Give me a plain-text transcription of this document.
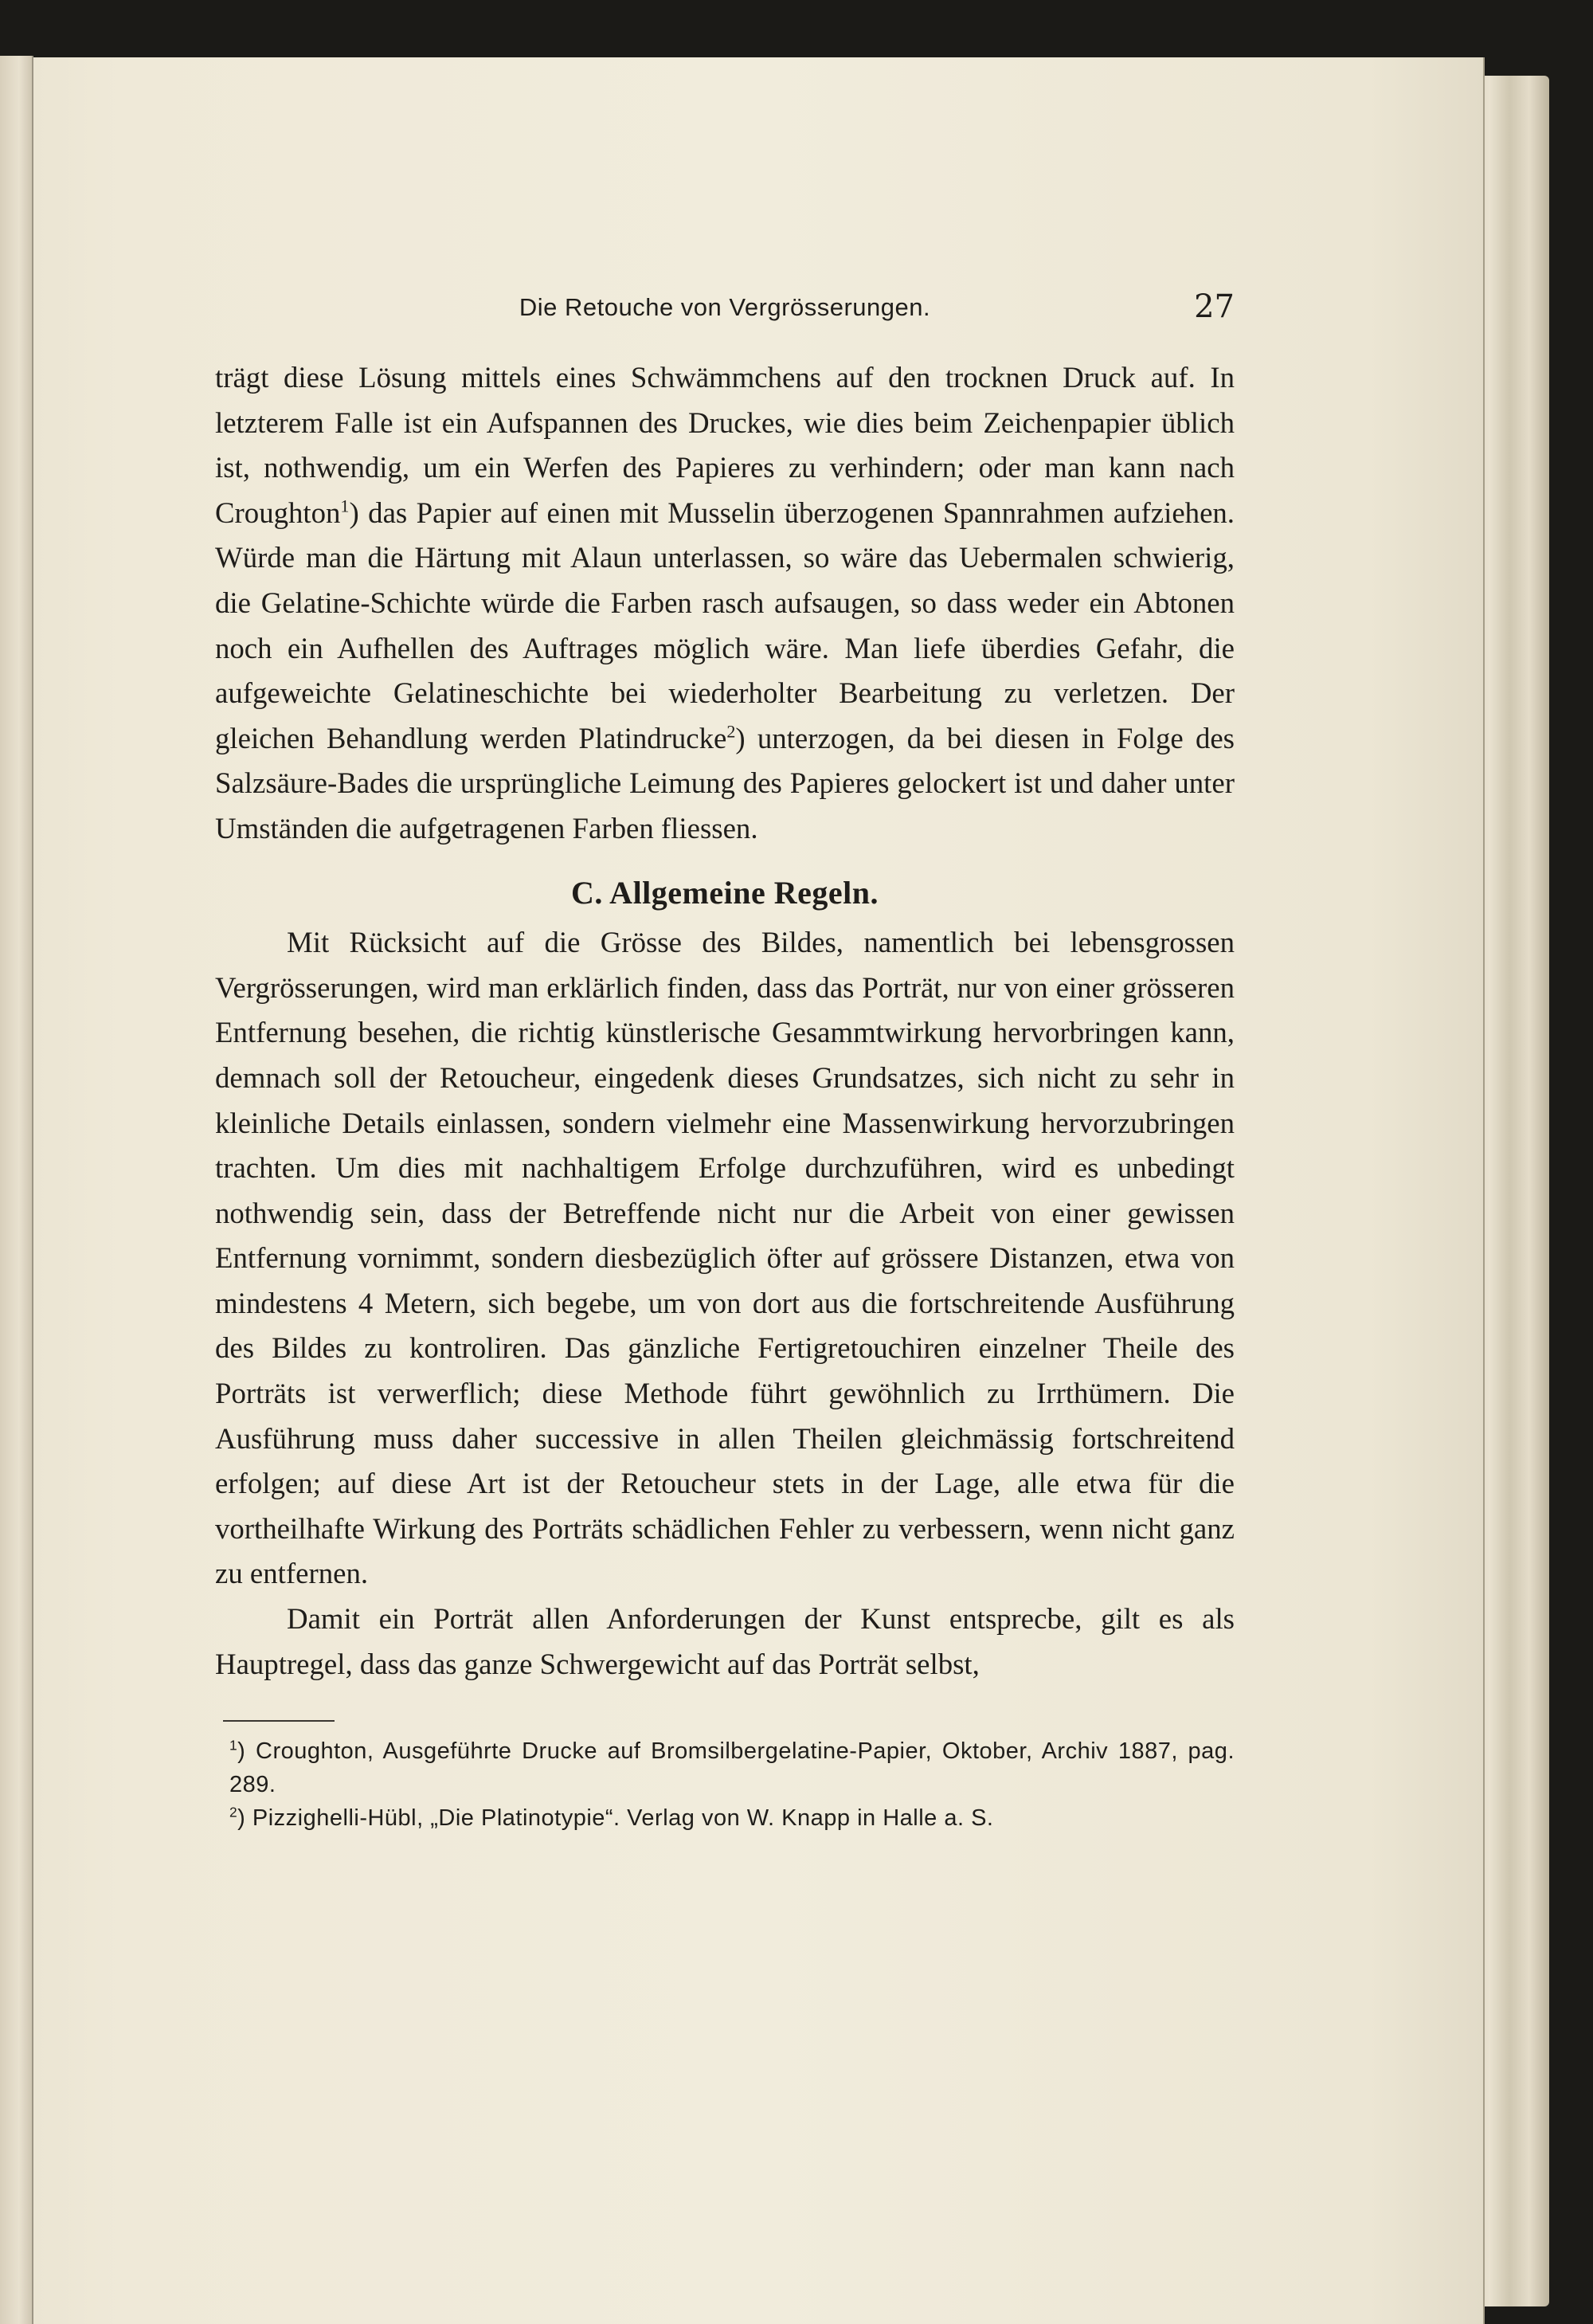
Die Retouche von Vergrösserungen.	27

trägt diese Lösung mittels eines Schwämmchens auf den trocknen Druck auf. In letzterem Falle ist ein Aufspannen des Druckes, wie dies beim Zeichenpapier üblich ist, nothwendig, um ein Werfen des Papieres zu verhindern; oder man kann nach Croughton$^1$) das Papier auf einen mit Musselin überzogenen Spannrahmen aufziehen. Würde man die Härtung mit Alaun unterlassen, so wäre das Uebermalen schwierig, die Gelatine-Schichte würde die Farben rasch aufsaugen, so dass weder ein Abtonen noch ein Aufhellen des Auftrages möglich wäre. Man liefe überdies Gefahr, die aufgeweichte Gelatineschichte bei wiederholter Bearbeitung zu verletzen. Der gleichen Behandlung werden Platindrucke$^2$) unterzogen, da bei diesen in Folge des Salzsäure-Bades die ursprüngliche Leimung des Papieres gelockert ist und daher unter Umständen die aufgetragenen Farben fliessen.

C. Allgemeine Regeln.

Mit Rücksicht auf die Grösse des Bildes, namentlich bei lebensgrossen Vergrösserungen, wird man erklärlich finden, dass das Porträt, nur von einer grösseren Entfernung besehen, die richtig künstlerische Gesammtwirkung hervorbringen kann, demnach soll der Retoucheur, eingedenk dieses Grundsatzes, sich nicht zu sehr in kleinliche Details einlassen, sondern vielmehr eine Massenwirkung hervorzubringen trachten. Um dies mit nachhaltigem Erfolge durchzuführen, wird es unbedingt nothwendig sein, dass der Betreffende nicht nur die Arbeit von einer gewissen Entfernung vornimmt, sondern diesbezüglich öfter auf grössere Distanzen, etwa von mindestens 4 Metern, sich begebe, um von dort aus die fortschreitende Ausführung des Bildes zu kontroliren. Das gänzliche Fertigretouchiren einzelner Theile des Porträts ist verwerflich; diese Methode führt gewöhnlich zu Irrthümern. Die Ausführung muss daher successive in allen Theilen gleichmässig fortschreitend erfolgen; auf diese Art ist der Retoucheur stets in der Lage, alle etwa für die vortheilhafte Wirkung des Porträts schädlichen Fehler zu verbessern, wenn nicht ganz zu entfernen.

Damit ein Porträt allen Anforderungen der Kunst entsprecbe, gilt es als Hauptregel, dass das ganze Schwergewicht auf das Porträt selbst,

$^1$) Croughton, Ausgeführte Drucke auf Bromsilbergelatine-Papier, Oktober, Archiv 1887, pag. 289.

$^2$) Pizzighelli-Hübl, „Die Platinotypie“. Verlag von W. Knapp in Halle a. S.
